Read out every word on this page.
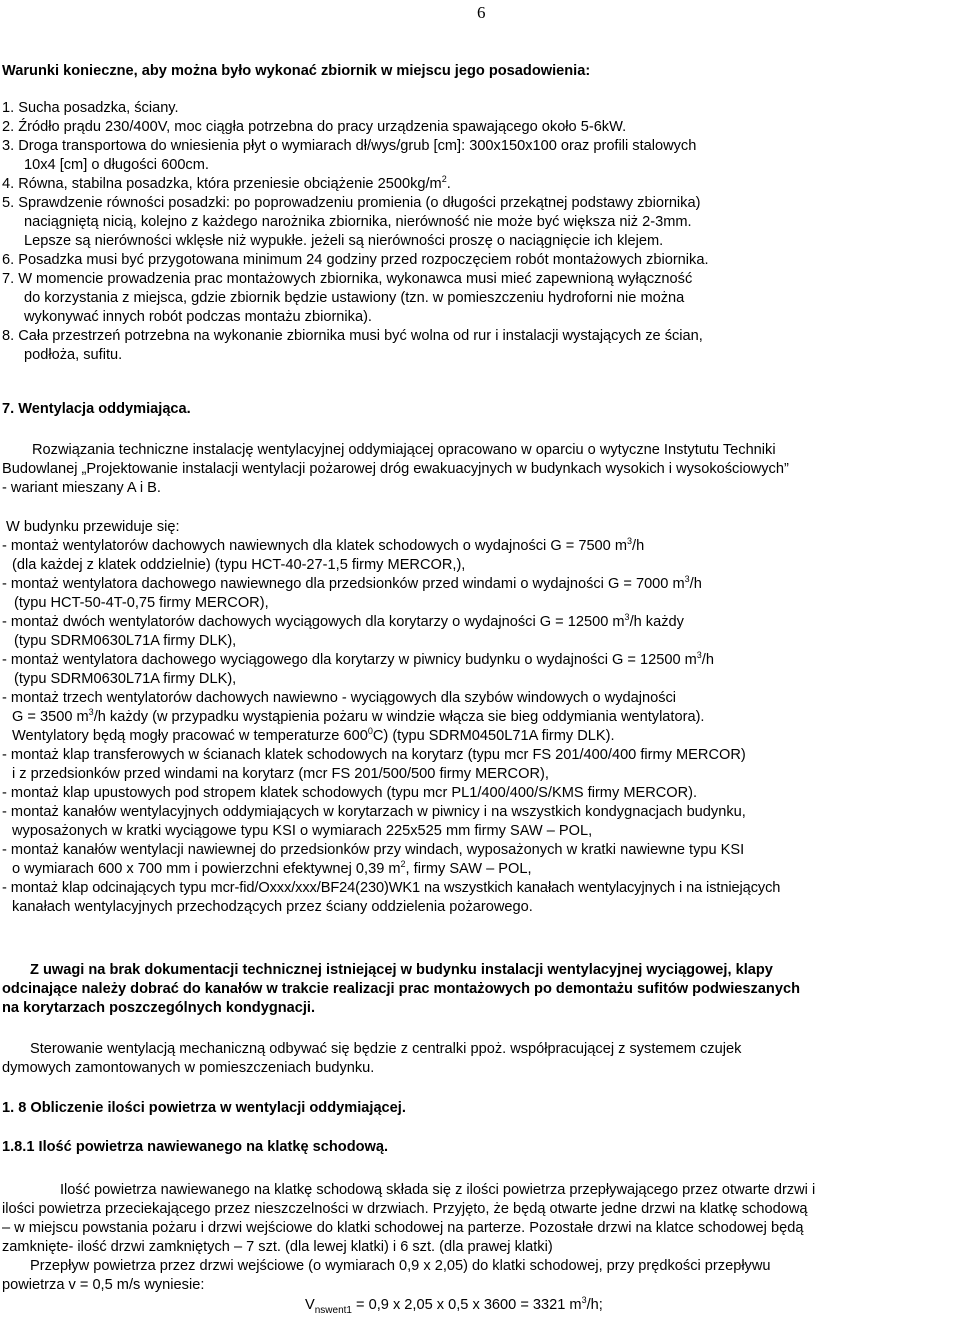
6
Warunki konieczne, aby można było wykonać zbiornik w miejscu jego posadowienia:
1. Sucha posadzka, ściany.
2. Źródło prądu 230/400V, moc ciągła potrzebna do pracy urządzenia spawającego około 5-6kW.
3. Droga transportowa do wniesienia płyt o wymiarach dł/wys/grub [cm]: 300x150x100 oraz profili stalowych
10x4 [cm] o długości 600cm.
4. Równa, stabilna posadzka, która przeniesie obciążenie $2500kg/m^2$.
5. Sprawdzenie równości posadzki: po poprowadzeniu promienia (o długości przekątnej podstawy zbiornika)
naciągniętą nicią, kolejno z każdego narożnika zbiornika, nierówność nie może być większa niż 2-3mm.
Lepsze są nierówności wklęsłe niż wypukłe. jeżeli są nierówności proszę o naciągnięcie ich klejem.
6. Posadzka musi być przygotowana minimum 24 godziny przed rozpoczęciem robót montażowych zbiornika.
7. W momencie prowadzenia prac montażowych zbiornika, wykonawca musi mieć zapewnioną wyłączność
do korzystania z miejsca, gdzie zbiornik będzie ustawiony (tzn. w pomieszczeniu hydroforni nie można
wykonywać innych robót podczas montażu zbiornika).
8. Cała przestrzeń potrzebna na wykonanie zbiornika musi być wolna od rur i instalacji wystających ze ścian,
podłoża, sufitu.
7. Wentylacja oddymiająca.
Rozwiązania techniczne instalację wentylacyjnej oddymiającej opracowano w oparciu o wytyczne Instytutu Techniki
Budowlanej „Projektowanie instalacji wentylacji pożarowej dróg ewakuacyjnych w budynkach wysokich i wysokościowych”
- wariant mieszany A i B.
W budynku przewiduje się:
- montaż wentylatorów dachowych nawiewnych dla klatek schodowych o wydajności G = 7500 $m^3/h$
(dla każdej z klatek oddzielnie) (typu HCT-40-27-1,5 firmy MERCOR,),
- montaż wentylatora dachowego nawiewnego dla przedsionków przed windami o wydajności G = 7000 $m^3/h$
(typu HCT-50-4T-0,75 firmy MERCOR),
- montaż dwóch wentylatorów dachowych wyciągowych dla korytarzy o wydajności G = 12500 $m^3/h$ każdy
(typu SDRM0630L71A firmy DLK),
- montaż wentylatora dachowego wyciągowego dla korytarzy w piwnicy budynku o wydajności G = 12500 $m^3/h$
(typu SDRM0630L71A firmy DLK),
- montaż trzech wentylatorów dachowych nawiewno - wyciągowych dla szybów windowych o wydajności
G = 3500 $m^3/h$ każdy (w przypadku wystąpienia pożaru w windzie włącza sie bieg oddymiania wentylatora).
Wentylatory będą mogły pracować w temperaturze $600^0C$) (typu SDRM0450L71A firmy DLK).
- montaż klap transferowych w ścianach klatek schodowych na korytarz (typu mcr FS 201/400/400 firmy MERCOR)
i z przedsionków przed windami na korytarz (mcr FS 201/500/500 firmy MERCOR),
- montaż klap upustowych pod stropem klatek schodowych (typu mcr PL1/400/400/S/KMS firmy MERCOR).
- montaż kanałów wentylacyjnych oddymiających w korytarzach w piwnicy i na wszystkich kondygnacjach budynku,
wyposażonych w kratki wyciągowe typu KSI o wymiarach 225x525 mm firmy SAW – POL,
- montaż kanałów wentylacji nawiewnej do przedsionków przy windach, wyposażonych w kratki nawiewne typu KSI
o wymiarach 600 x 700 mm i powierzchni efektywnej 0,39 $m^2$, firmy SAW – POL,
- montaż klap odcinających typu mcr-fid/Oxxx/xxx/BF24(230)WK1 na wszystkich kanałach wentylacyjnych i na istniejących
kanałach wentylacyjnych przechodzących przez ściany oddzielenia pożarowego.
Z uwagi na brak dokumentacji technicznej istniejącej w budynku instalacji wentylacyjnej wyciągowej, klapy
odcinające należy dobrać do kanałów w trakcie realizacji prac montażowych po demontażu sufitów podwieszanych
na korytarzach poszczególnych kondygnacji.
Sterowanie wentylacją mechaniczną odbywać się będzie z centralki ppoż. współpracującej z systemem czujek
dymowych zamontowanych w pomieszczeniach budynku.
1. 8 Obliczenie ilości powietrza w wentylacji oddymiającej.
1.8.1 Ilość powietrza nawiewanego na klatkę schodową.
Ilość powietrza nawiewanego na klatkę schodową składa się z ilości powietrza przepływającego przez otwarte drzwi i
ilości powietrza przeciekającego przez nieszczelności w drzwiach. Przyjęto, że będą otwarte jedne drzwi na klatkę schodową
– w miejscu powstania pożaru i drzwi wejściowe do klatki schodowej na parterze. Pozostałe drzwi na klatce schodowej będą
zamknięte- ilość drzwi zamkniętych – 7 szt. (dla lewej klatki) i 6 szt. (dla prawej klatki)
Przepływ powietrza przez drzwi wejściowe (o wymiarach 0,9 x 2,05) do klatki schodowej, przy prędkości przepływu
powietrza v = 0,5 m/s wyniesie:
$V_{nswent1} = 0,9$ x 2,05 x 0,5 x 3600 = 3321 $m^3/h$;
